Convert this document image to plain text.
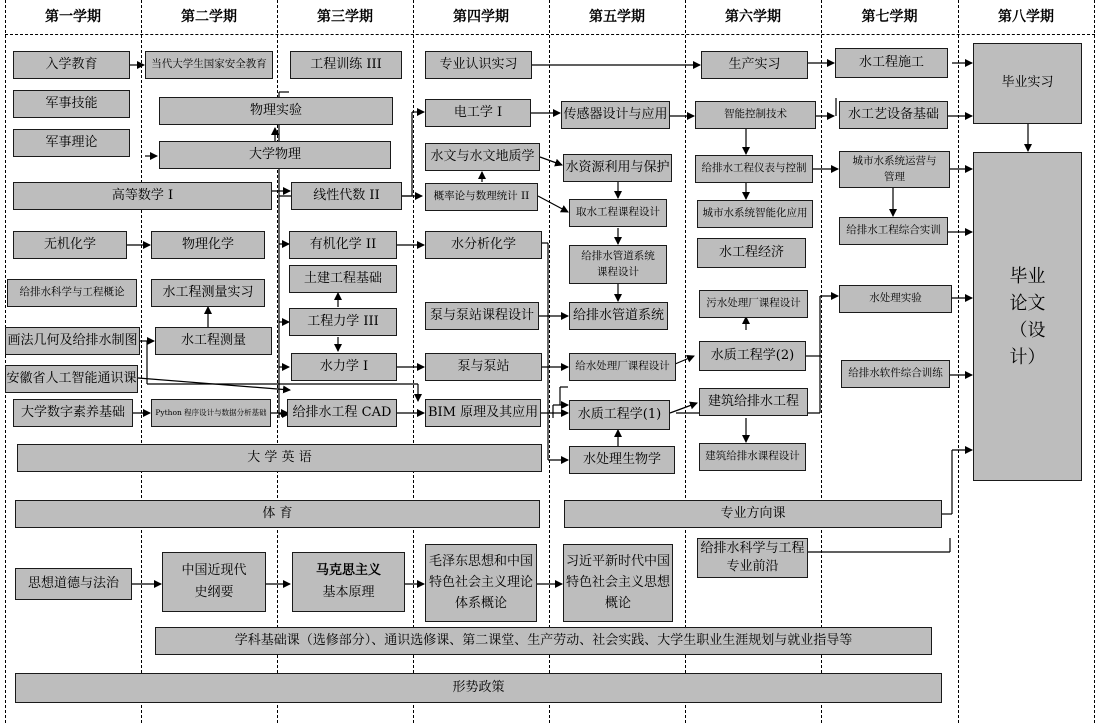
第一学期	第二学期	第三学期	第四学期	第五学期	第六学期	第七学期	第八学期
入学教育
军事技能
军事理论
高等数学 I
无机化学
给排水科学与工程概论
画法几何及给排水制图
安徽省人工智能通识课
大学数字素养基础
大 学 英 语
体 育
思想道德与法治
当代大学生国家安全教育
物理实验
大学物理
物理化学
水工程测量实习
水工程测量
Python 程序设计与数据分析基础
中国近现代
史纲要
工程训练 III
线性代数 II
有机化学 II
土建工程基础
工程力学 III
水力学 I
给排水工程 CAD
马克思主义
基本原理
专业认识实习
电工学 I
水文与水文地质学
概率论与数理统计 II
水分析化学
泵与泵站课程设计
泵与泵站
BIM 原理及其应用
毛泽东思想和中国
特色社会主义理论
体系概论
传感器设计与应用
水资源利用与保护
取水工程课程设计
给排水管道系统
课程设计
给排水管道系统
给水处理厂课程设计
水质工程学(1)
水处理生物学
习近平新时代中国
特色社会主义思想
概论
专业方向课
生产实习
智能控制技术
给排水工程仪表与控制
城市水系统智能化应用
水工程经济
污水处理厂课程设计
水质工程学(2)
建筑给排水工程
建筑给排水课程设计
给排水科学与工程
专业前沿
水工程施工
水工艺设备基础
城市水系统运营与
管理
给排水工程综合实训
水处理实验
给排水软件综合训练
毕业实习
毕业论文（设计）
学科基础课（选修部分）、通识选修课、第二课堂、生产劳动、社会实践、大学生职业生涯规划与就业指导等
形势政策
